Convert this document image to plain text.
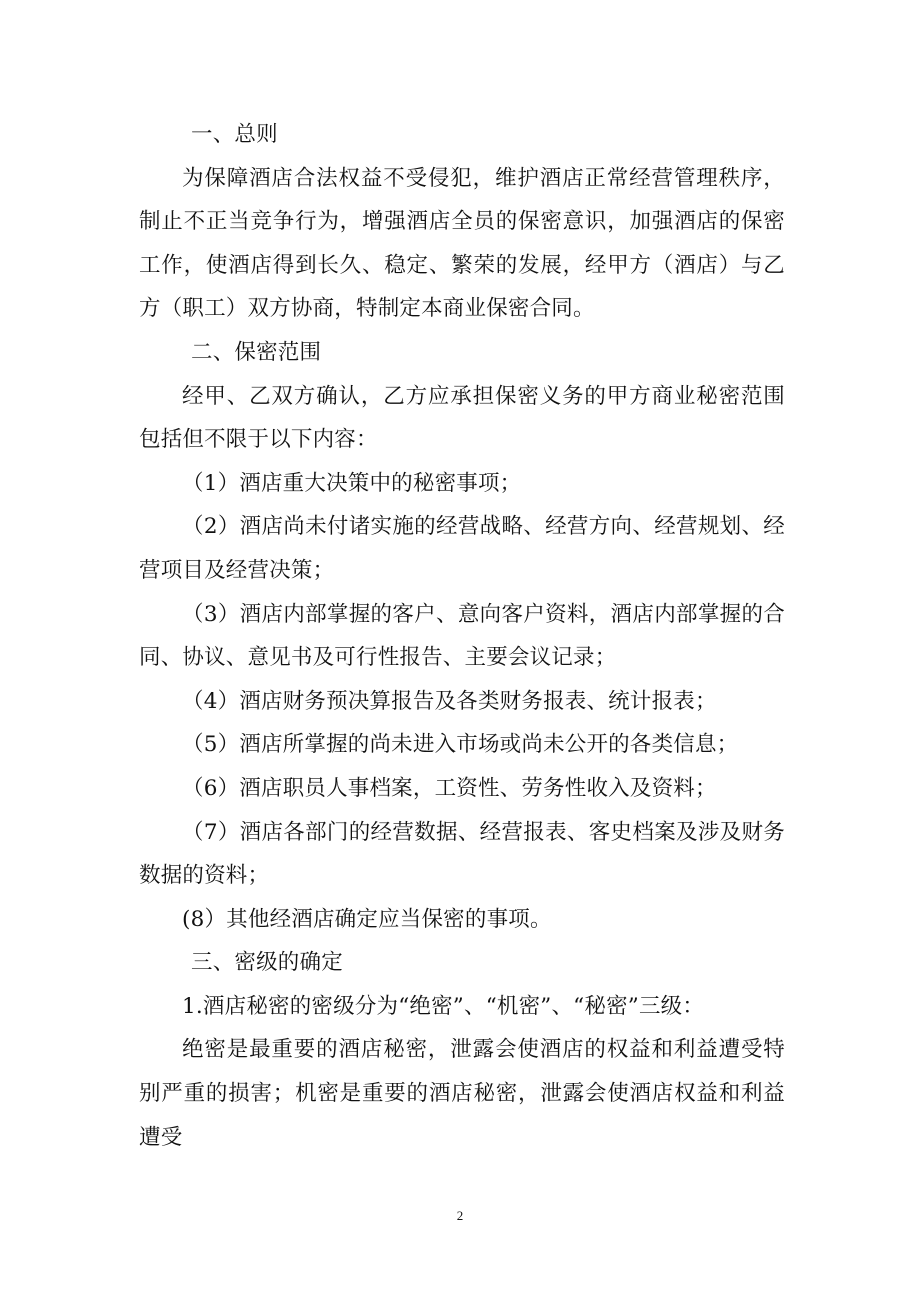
一、总则

为保障酒店合法权益不受侵犯，维护酒店正常经营管理秩序，制止不正当竞争行为，增强酒店全员的保密意识，加强酒店的保密工作，使酒店得到长久、稳定、繁荣的发展，经甲方（酒店）与乙方（职工）双方协商，特制定本商业保密合同。

二、保密范围

经甲、乙双方确认，乙方应承担保密义务的甲方商业秘密范围包括但不限于以下内容：

（1）酒店重大决策中的秘密事项；

（2）酒店尚未付诸实施的经营战略、经营方向、经营规划、经营项目及经营决策；

（3）酒店内部掌握的客户、意向客户资料，酒店内部掌握的合同、协议、意见书及可行性报告、主要会议记录；

（4）酒店财务预决算报告及各类财务报表、统计报表；

（5）酒店所掌握的尚未进入市场或尚未公开的各类信息；

（6）酒店职员人事档案，工资性、劳务性收入及资料；

（7）酒店各部门的经营数据、经营报表、客史档案及涉及财务数据的资料；

(8）其他经酒店确定应当保密的事项。

三、密级的确定

1.酒店秘密的密级分为“绝密”、“机密”、“秘密”三级：

绝密是最重要的酒店秘密，泄露会使酒店的权益和利益遭受特别严重的损害；机密是重要的酒店秘密，泄露会使酒店权益和利益遭受

2
